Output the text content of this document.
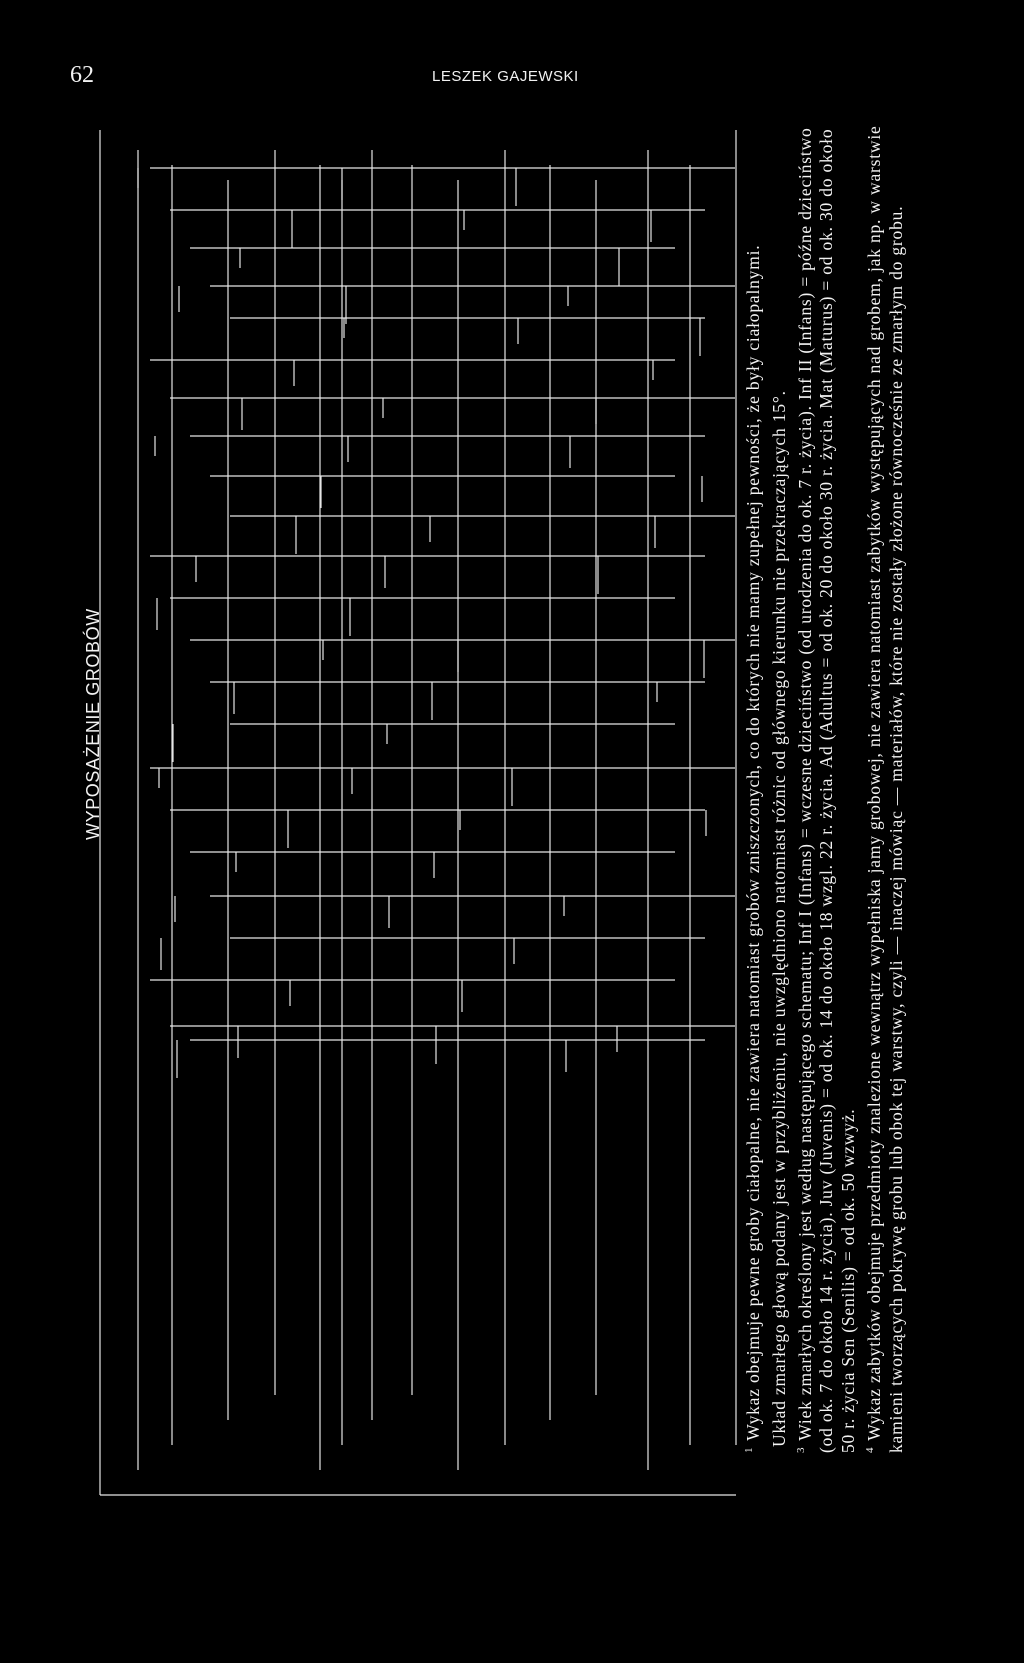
62	LESZEK GAJEWSKI
WYPOSAŻENIE GROBÓW

$^1$Wykaz obejmuje pewne groby ciałopalne, nie zawiera natomiast grobów zniszczonych, co do których nie mamy zupełnej pewności, że były ciałopalnymi. Układ zmarłego głową podany jest w przybliżeniu, nie uwzględniono natomiast różnic od głównego kierunku nie przekraczających 15°.

$^3$Wiek zmarłych określony jest według następującego schematu; Inf I (Infans) = wczesne dzieciństwo (od urodzenia do ok. 7 r. życia). Inf II (Infans) = późne dzieciństwo (od ok. 7 do około 14 r. życia). Juv (Juvenis) = od ok. 14 do około 18 wzgl. 22 r. życia. Ad (Adultus = od ok. 20 do około 30 r. życia. Mat (Maturus) = od ok. 30 do około 50 r. życia Sen (Senilis) = od ok. 50 wzwyż. $^4$Wykaz zabytków obejmuje przedmioty znalezione wewnątrz wypełniska jamy grobowej, nie zawiera natomiast zabytków występujących nad grobem, jak np. w warstwie kamieni tworzących pokrywę grobu lub obok tej warstwy, czyli — inaczej mówiąc — materiałów, które nie zostały złożone równocześnie ze zmarłym do grobu.
